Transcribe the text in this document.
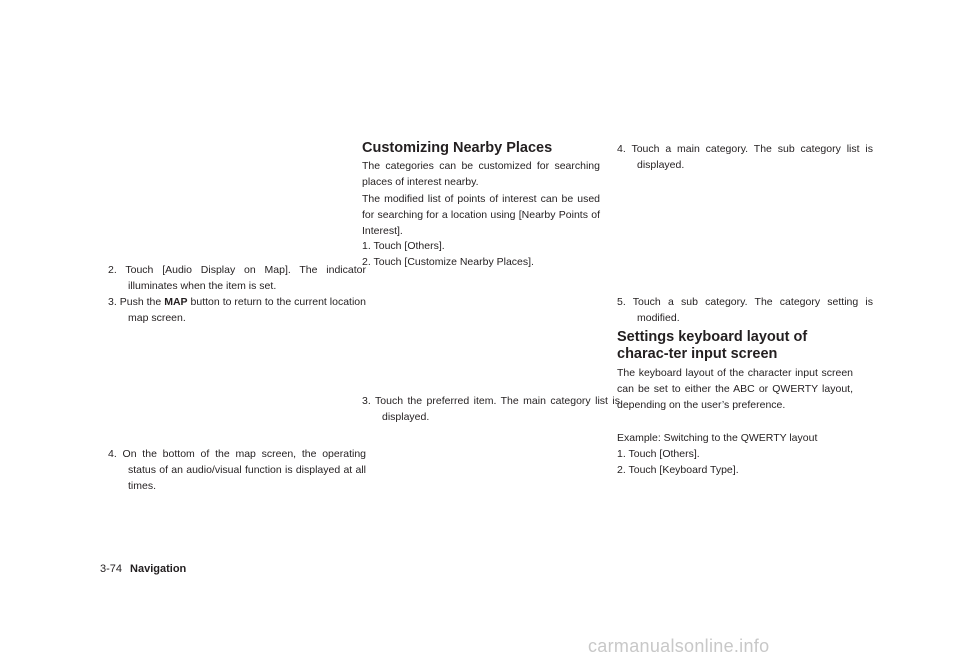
2. Touch [Audio Display on Map]. The indicator illuminates when the item is set.
3. Push the MAP button to return to the current location map screen.
4. On the bottom of the map screen, the operating status of an audio/visual function is displayed at all times.
Customizing Nearby Places
The categories can be customized for searching places of interest nearby.
The modified list of points of interest can be used for searching for a location using [Nearby Points of Interest].
1. Touch [Others].
2. Touch [Customize Nearby Places].
3. Touch the preferred item. The main category list is displayed.
4. Touch a main category. The sub category list is displayed.
5. Touch a sub category. The category setting is modified.
Settings keyboard layout of charac-ter input screen
The keyboard layout of the character input screen can be set to either the ABC or QWERTY layout, depending on the user’s preference.
Example: Switching to the QWERTY layout
1. Touch [Others].
2. Touch [Keyboard Type].
3-74 Navigation
carmanualsonline.info
